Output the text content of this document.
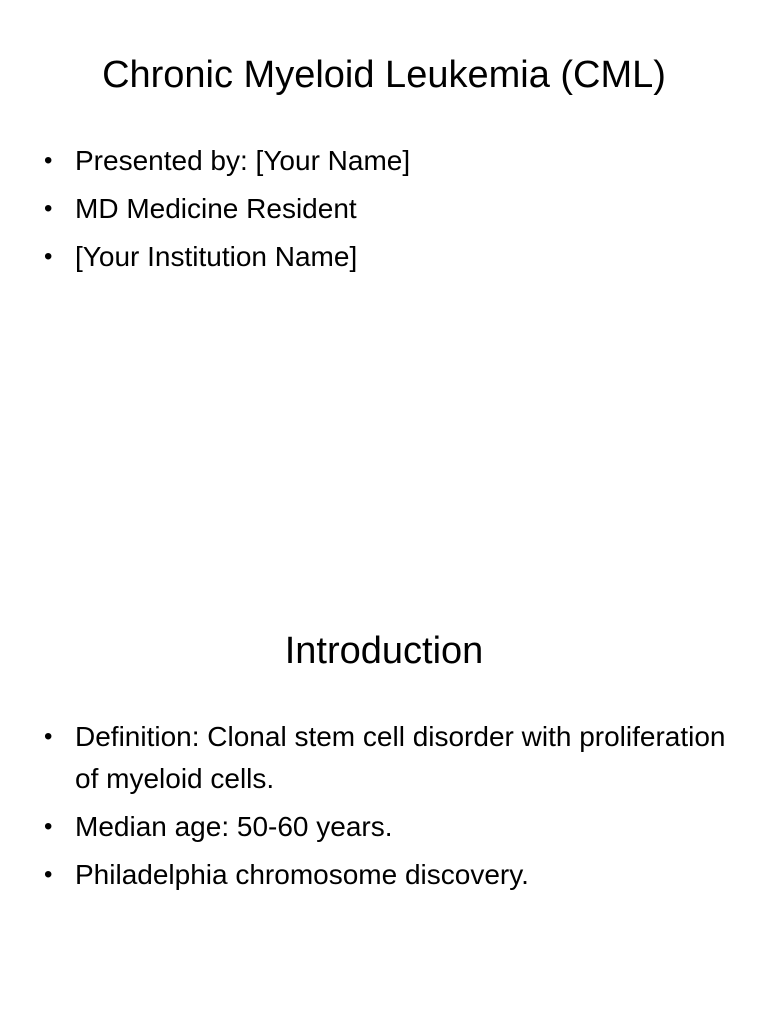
Chronic Myeloid Leukemia (CML)
• Presented by: [Your Name]
• MD Medicine Resident
• [Your Institution Name]
Introduction
• Definition: Clonal stem cell disorder with proliferation of myeloid cells.
• Median age: 50-60 years.
• Philadelphia chromosome discovery.
